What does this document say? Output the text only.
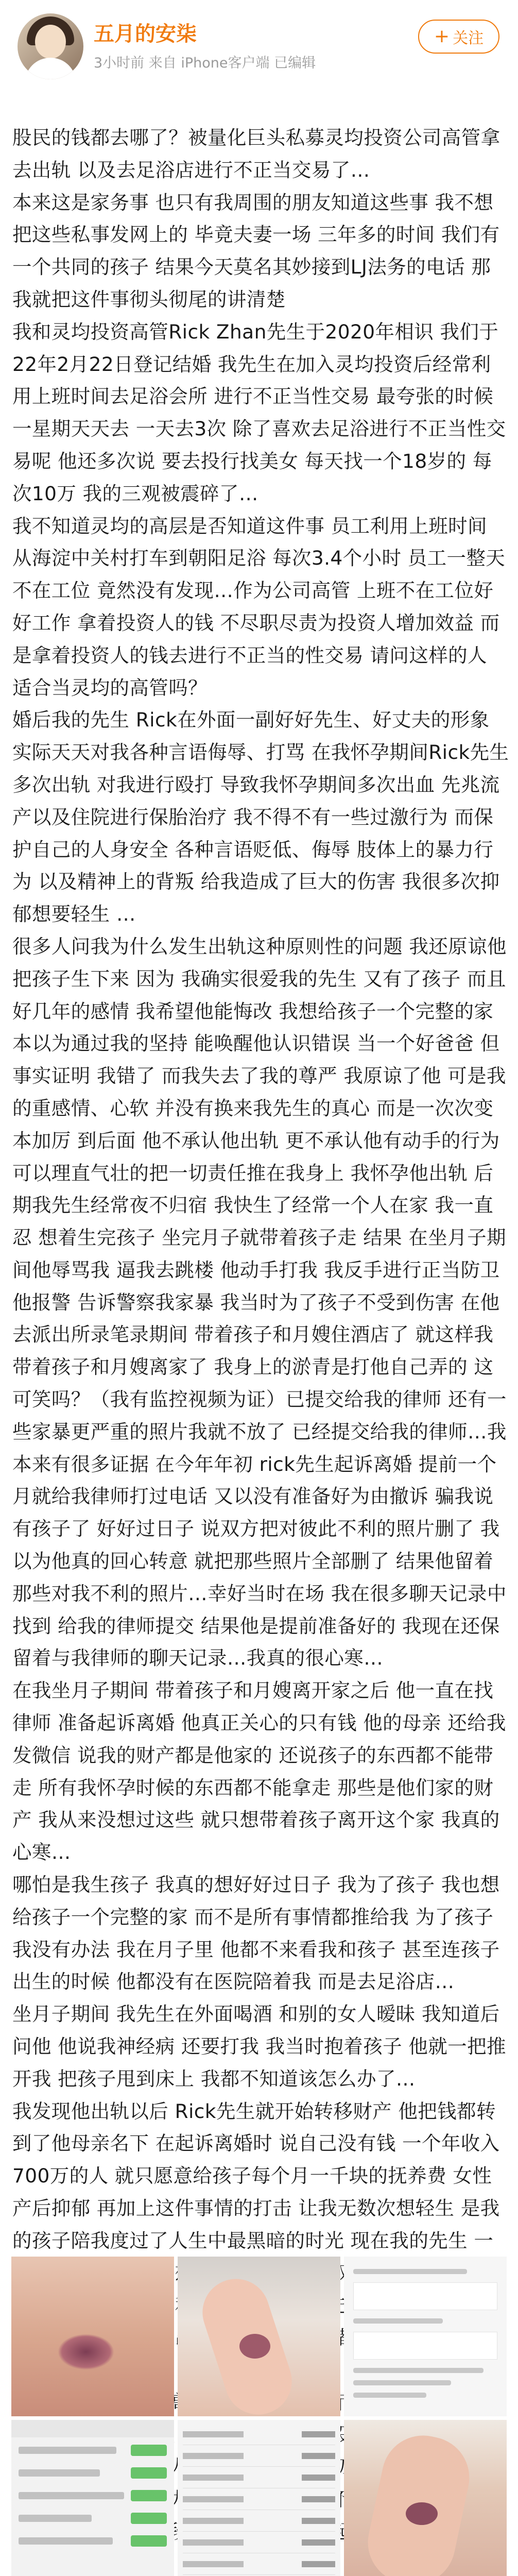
五月的安柒
3小时前 来自 iPhone客户端 已编辑
+ 关注
股民的钱都去哪了？被量化巨头私募灵均投资公司高管拿去出轨 以及去足浴店进行不正当交易了…
本来这是家务事 也只有我周围的朋友知道这些事 我不想把这些私事发网上的 毕竟夫妻一场 三年多的时间 我们有一个共同的孩子 结果今天莫名其妙接到LJ法务的电话 那我就把这件事彻头彻尾的讲清楚
我和灵均投资高管Rick Zhan先生于2020年相识 我们于22年2月22日登记结婚 我先生在加入灵均投资后经常利用上班时间去足浴会所 进行不正当性交易 最夸张的时候一星期天天去 一天去3次 除了喜欢去足浴进行不正当性交易呢 他还多次说 要去投行找美女 每天找一个18岁的 每次10万 我的三观被震碎了…
我不知道灵均的高层是否知道这件事 员工利用上班时间 从海淀中关村打车到朝阳足浴 每次3.4个小时 员工一整天不在工位 竟然没有发现…作为公司高管 上班不在工位好好工作 拿着投资人的钱 不尽职尽责为投资人增加效益 而是拿着投资人的钱去进行不正当的性交易 请问这样的人 适合当灵均的高管吗？
婚后我的先生 Rick在外面一副好好先生、好丈夫的形象 实际天天对我各种言语侮辱、打骂 在我怀孕期间Rick先生多次出轨 对我进行殴打 导致我怀孕期间多次出血 先兆流产以及住院进行保胎治疗 我不得不有一些过激行为 而保护自己的人身安全 各种言语贬低、侮辱 肢体上的暴力行为 以及精神上的背叛 给我造成了巨大的伤害 我很多次抑郁想要轻生 …
很多人问我为什么发生出轨这种原则性的问题 我还原谅他把孩子生下来 因为 我确实很爱我的先生 又有了孩子 而且好几年的感情 我希望他能悔改 我想给孩子一个完整的家 本以为通过我的坚持 能唤醒他认识错误 当一个好爸爸 但事实证明 我错了 而我失去了我的尊严 我原谅了他 可是我的重感情、心软 并没有换来我先生的真心 而是一次次变本加厉 到后面 他不承认他出轨 更不承认他有动手的行为 可以理直气壮的把一切责任推在我身上 我怀孕他出轨 后期我先生经常夜不归宿 我快生了经常一个人在家 我一直忍 想着生完孩子 坐完月子就带着孩子走 结果 在坐月子期间他辱骂我 逼我去跳楼 他动手打我 我反手进行正当防卫 他报警 告诉警察我家暴 我当时为了孩子不受到伤害 在他去派出所录笔录期间 带着孩子和月嫂住酒店了 就这样我带着孩子和月嫂离家了 我身上的淤青是打他自己弄的 这可笑吗？（我有监控视频为证）已提交给我的律师 还有一些家暴更严重的照片我就不放了 已经提交给我的律师…我本来有很多证据 在今年年初 rick先生起诉离婚 提前一个月就给我律师打过电话 又以没有准备好为由撤诉 骗我说有孩子了 好好过日子 说双方把对彼此不利的照片删了 我以为他真的回心转意 就把那些照片全部删了 结果他留着那些对我不利的照片…幸好当时在场 我在很多聊天记录中找到 给我的律师提交 结果他是提前准备好的 我现在还保留着与我律师的聊天记录…我真的很心寒…
在我坐月子期间 带着孩子和月嫂离开家之后 他一直在找律师 准备起诉离婚 他真正关心的只有钱 他的母亲 还给我发微信 说我的财产都是他家的 还说孩子的东西都不能带走 所有我怀孕时候的东西都不能拿走 那些是他们家的财产 我从来没想过这些 就只想带着孩子离开这个家 我真的心寒…
哪怕是我生孩子 我真的想好好过日子 我为了孩子 我也想给孩子一个完整的家 而不是所有事情都推给我 为了孩子 我没有办法 我在月子里 他都不来看我和孩子 甚至连孩子出生的时候 他都没有在医院陪着我 而是去足浴店…
坐月子期间 我先生在外面喝酒 和别的女人暧昧 我知道后 问他 他说我神经病 还要打我 我当时抱着孩子 他就一把推开我 把孩子甩到床上 我都不知道该怎么办了…
我发现他出轨以后 Rick先生就开始转移财产 他把钱都转到了他母亲名下 在起诉离婚时 说自己没有钱 一个年收入700万的人 就只愿意给孩子每个月一千块的抚养费 女性产后抑郁 再加上这件事情的打击 让我无数次想轻生 是我的孩子陪我度过了人生中最黑暗的时光 现在我的先生 一
